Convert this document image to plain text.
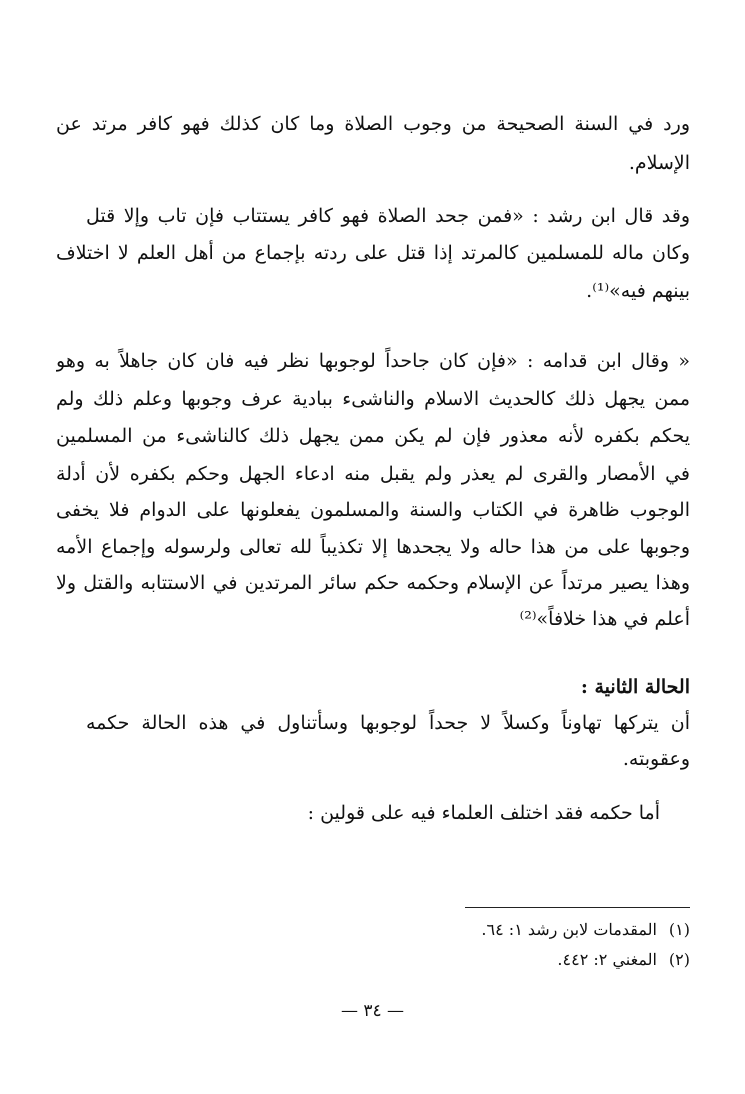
ورد في السنة الصحيحة من وجوب الصلاة وما كان كذلك فهو كافر مرتد عن
الإسلام.
وقد قال ابن رشد : «فمن جحد الصلاة فهو كافر يستتاب فإن تاب وإلا قتل
وكان ماله للمسلمين كالمرتد إذا قتل على ردته بإجماع من أهل العلم لا اختلاف
بينهم فيه»⁽¹⁾.
« وقال ابن قدامه : «فإن كان جاحداً لوجوبها نظر فيه فان كان جاهلاً به وهو
ممن يجهل ذلك كالحديث الاسلام والناشىء ببادية عرف وجوبها وعلم ذلك ولم
يحكم بكفره لأنه معذور فإن لم يكن ممن يجهل ذلك كالناشىء من المسلمين
في الأمصار والقرى لم يعذر ولم يقبل منه ادعاء الجهل وحكم بكفره لأن أدلة
الوجوب ظاهرة في الكتاب والسنة والمسلمون يفعلونها على الدوام فلا يخفى
وجوبها على من هذا حاله ولا يجحدها إلا تكذيباً لله تعالى ولرسوله وإجماع الأمه
وهذا يصير مرتداً عن الإسلام وحكمه حكم سائر المرتدين في الاستتابه والقتل ولا
أعلم في هذا خلافاً»⁽²⁾
الحالة الثانية :
أن يتركها تهاوناً وكسلاً لا جحداً لوجوبها وسأتناول في هذه الحالة حكمه
وعقوبته.
أما حكمه فقد اختلف العلماء فيه على قولين :
(١)المقدمات لابن رشد ١: ٦٤.
(٢)المغني ٢: ٤٤٢.
— ٣٤ —
